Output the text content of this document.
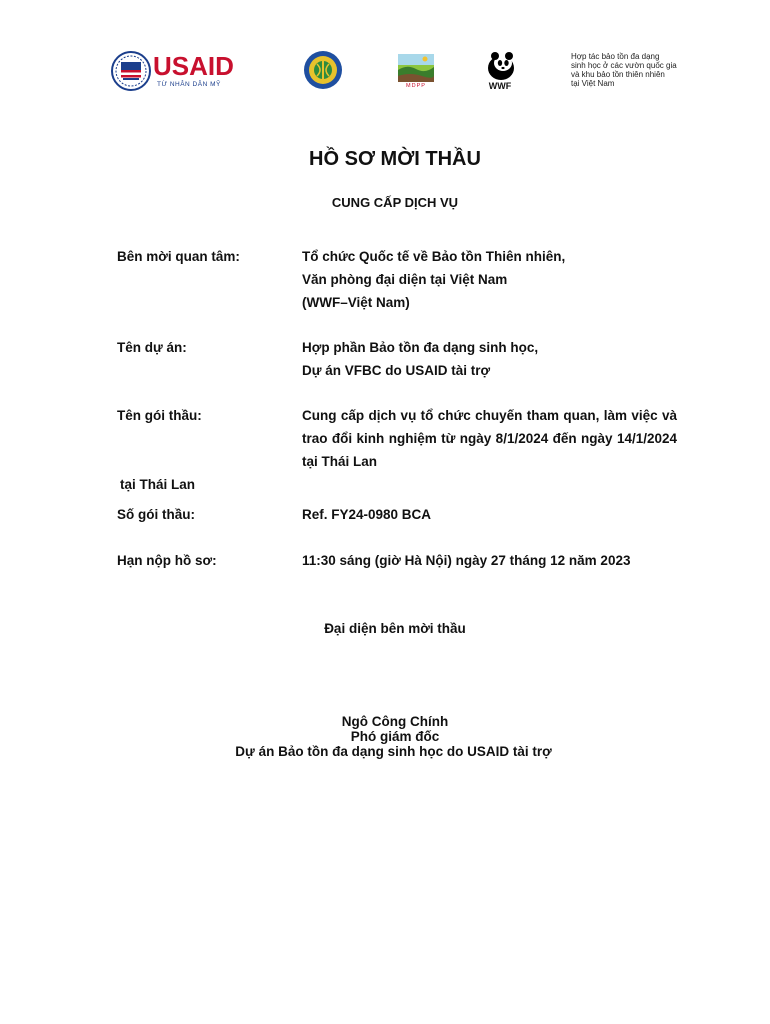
USAID
TỪ NHÂN DÂN MỸ	MDPP	WWF
Hợp tác bảo tồn đa dạng
sinh học ở các vườn quốc gia
và khu bảo tồn thiên nhiên
tại Việt Nam
HỒ SƠ MỜI THẦU
CUNG CẤP DỊCH VỤ
Bên mời quan tâm:	Tổ chức Quốc tế về Bảo tồn Thiên nhiên,
Văn phòng đại diện tại Việt Nam
(WWF–Việt Nam)
Tên dự án:	Hợp phần Bảo tồn đa dạng sinh học,
Dự án VFBC do USAID tài trợ
Tên gói thầu:	Cung cấp dịch vụ tổ chức chuyến tham quan, làm việc và trao đổi kinh nghiệm từ ngày 8/1/2024 đến ngày 14/1/2024 tại Thái Lan
tại Thái Lan
Số gói thầu:	Ref. FY24-0980 BCA
Hạn nộp hồ sơ:	11:30 sáng (giờ Hà Nội) ngày 27 tháng 12 năm 2023
Đại diện bên mời thầu
Ngô Công Chính
Phó giám đốc
Dự án Bảo tồn đa dạng sinh học do USAID tài trợ
